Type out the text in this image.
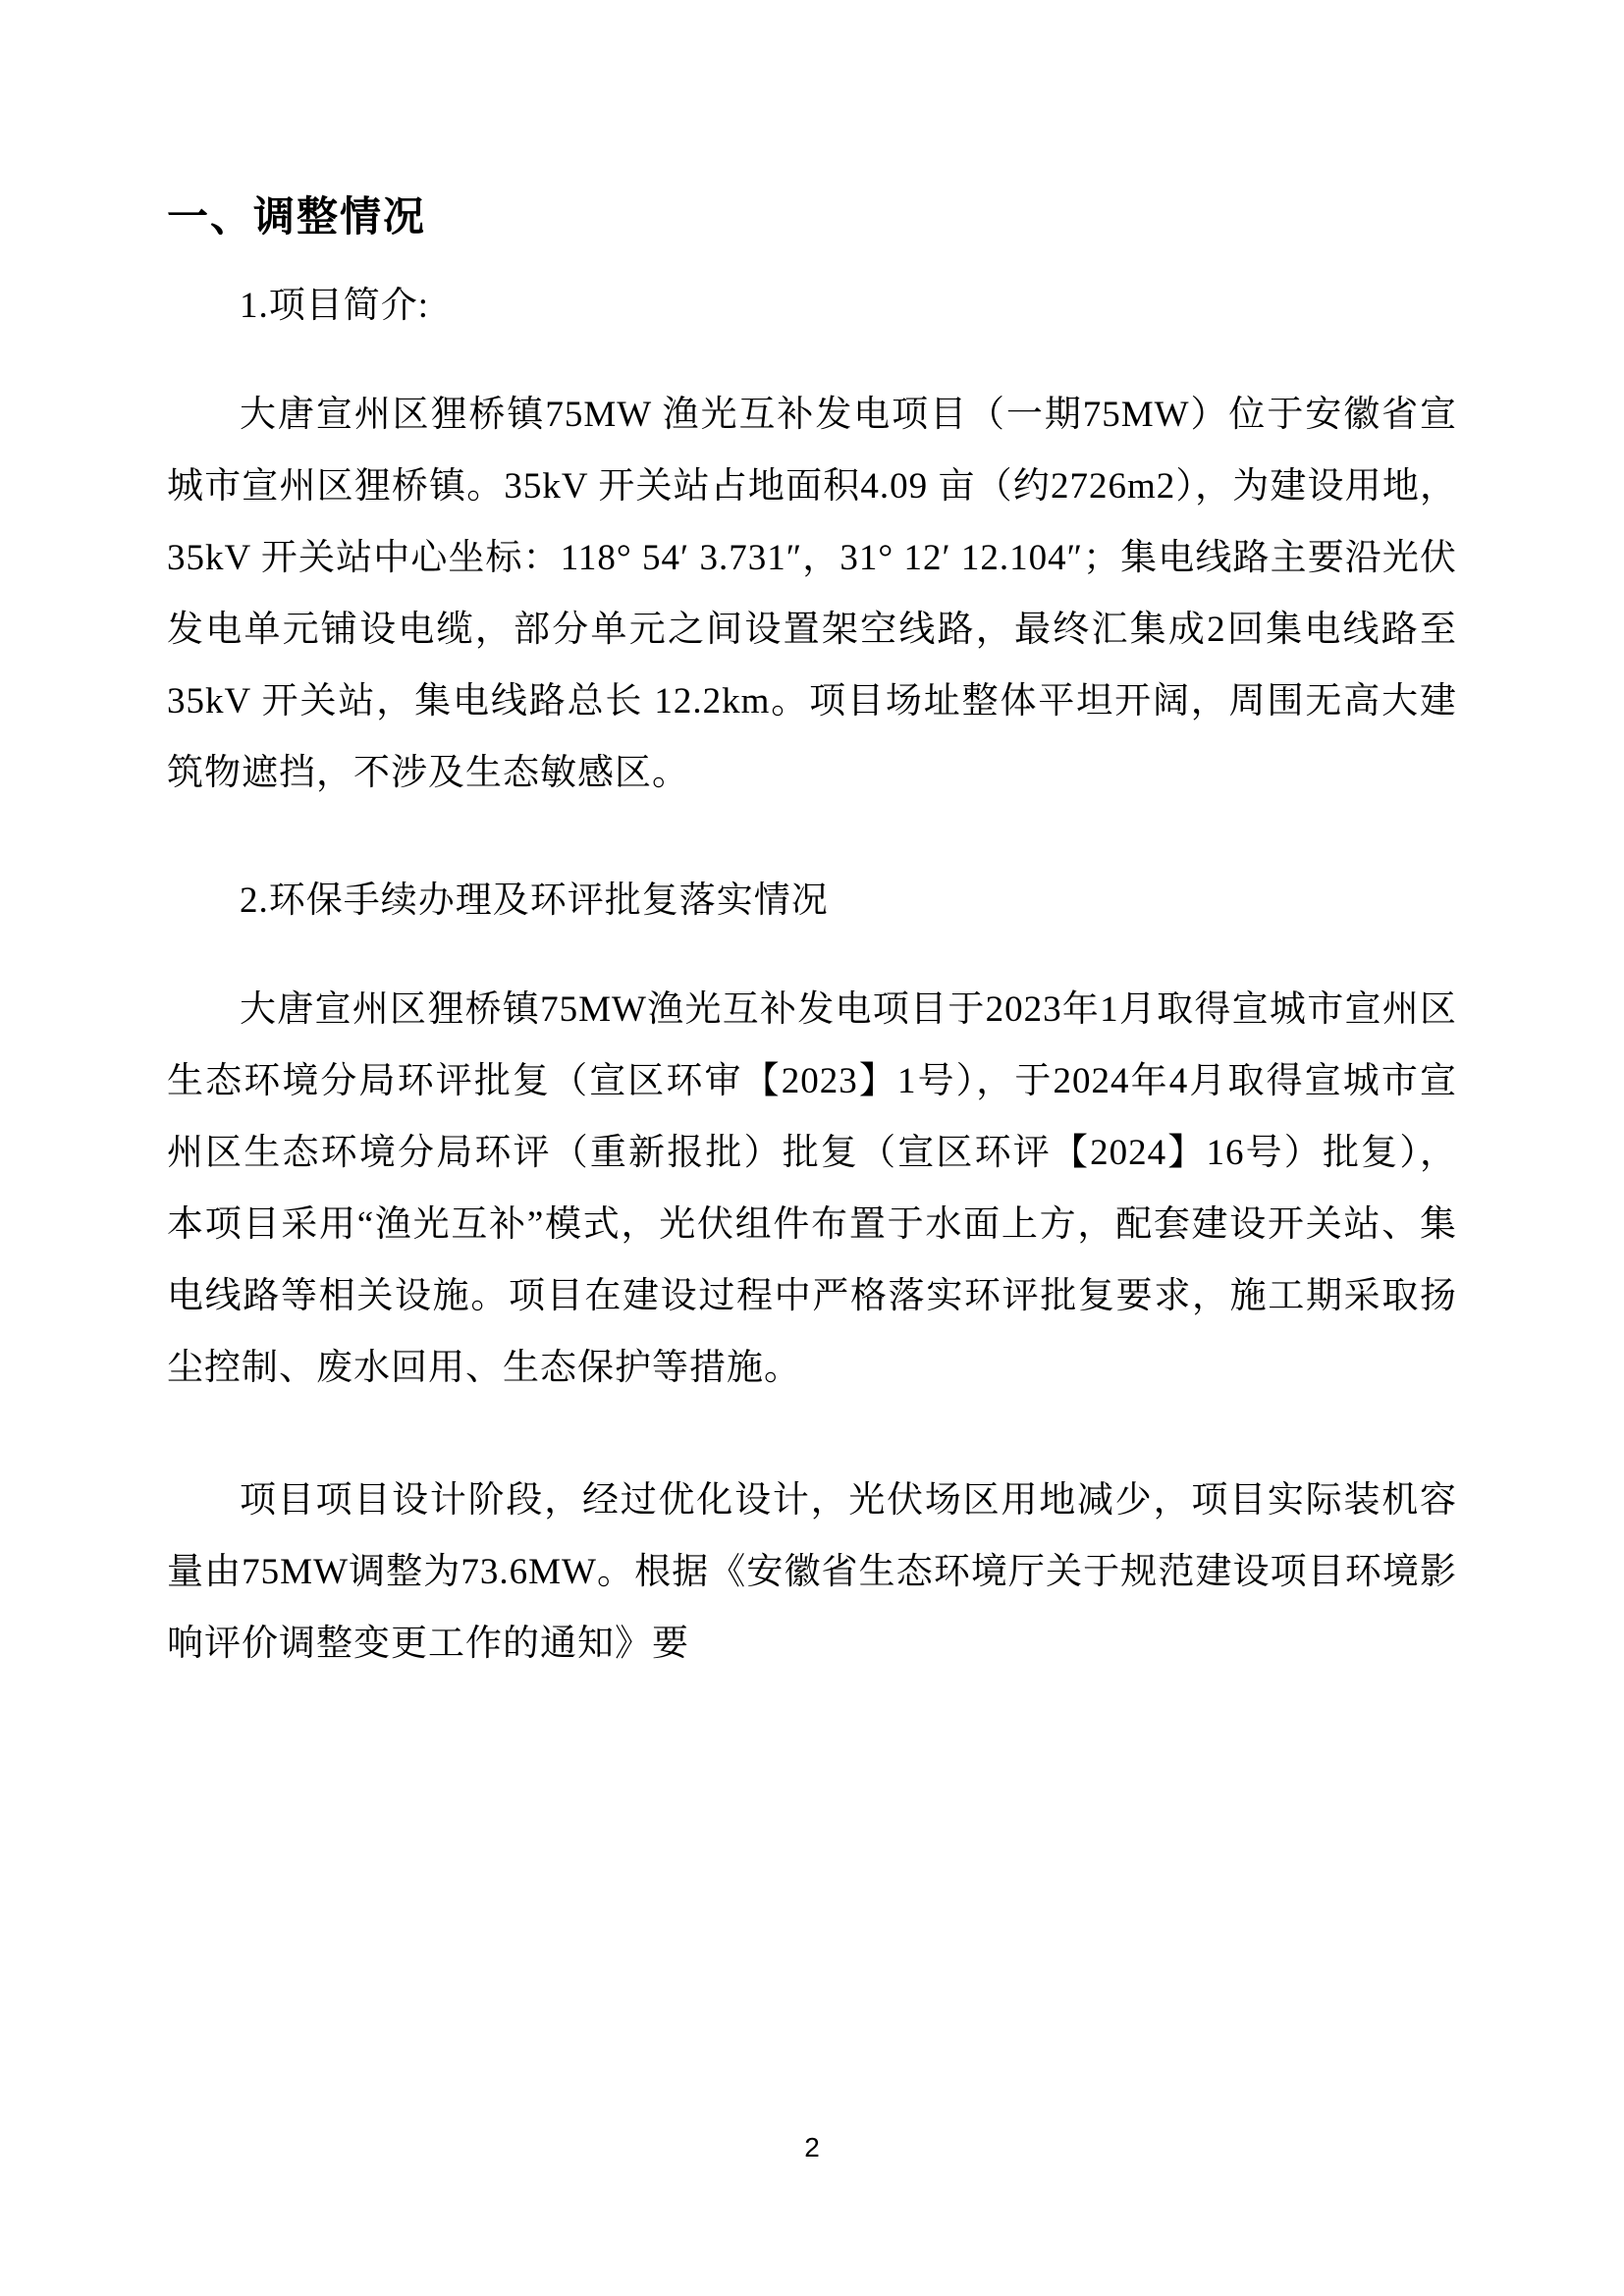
一、调整情况
1.项目简介:

大唐宣州区狸桥镇75MW 渔光互补发电项目（一期75MW）位于安徽省宣城市宣州区狸桥镇。35kV 开关站占地面积4.09 亩（约2726m2），为建设用地，35kV 开关站中心坐标：118° 54′ 3.731″，31° 12′ 12.104″；集电线路主要沿光伏发电单元铺设电缆，部分单元之间设置架空线路，最终汇集成2回集电线路至35kV 开关站，集电线路总长 12.2km。项目场址整体平坦开阔，周围无高大建筑物遮挡，不涉及生态敏感区。

2.环保手续办理及环评批复落实情况

大唐宣州区狸桥镇75MW渔光互补发电项目于2023年1月取得宣城市宣州区生态环境分局环评批复（宣区环审【2023】1号），于2024年4月取得宣城市宣州区生态环境分局环评（重新报批）批复（宣区环评【2024】16号）批复），本项目采用“渔光互补”模式，光伏组件布置于水面上方，配套建设开关站、集电线路等相关设施。项目在建设过程中严格落实环评批复要求，施工期采取扬尘控制、废水回用、生态保护等措施。

项目项目设计阶段，经过优化设计，光伏场区用地减少，项目实际装机容量由75MW调整为73.6MW。根据《安徽省生态环境厅关于规范建设项目环境影响评价调整变更工作的通知》要

2
